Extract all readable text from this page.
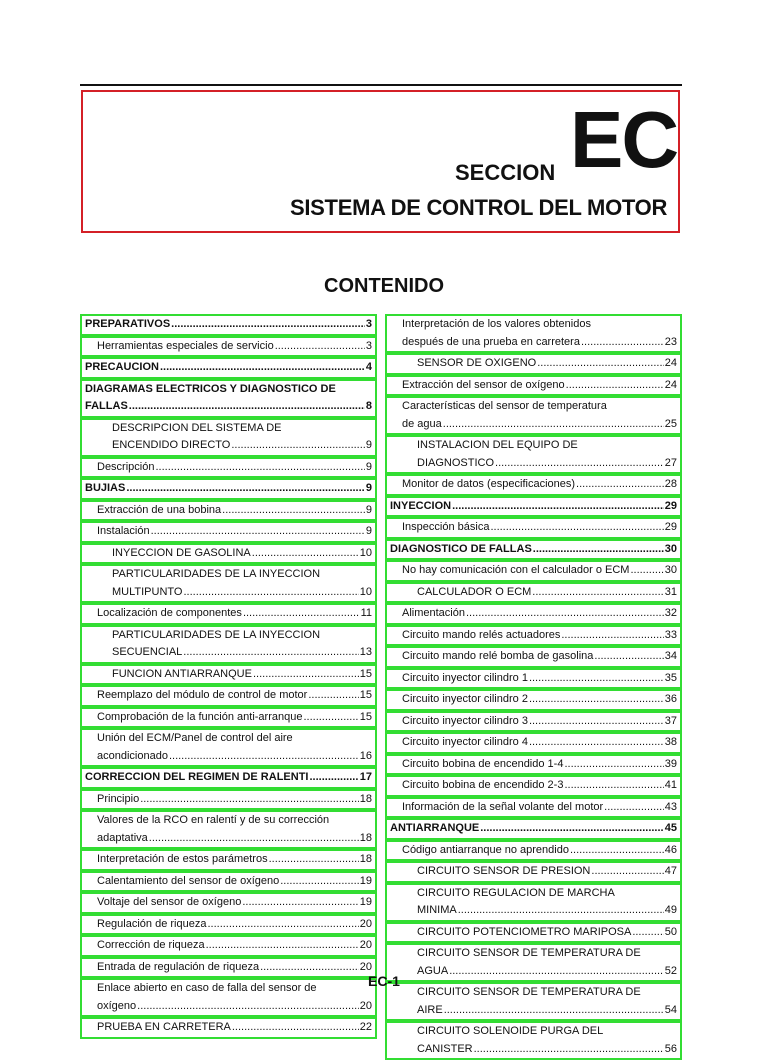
SECCION EC
SISTEMA DE CONTROL DEL MOTOR
CONTENIDO
PREPARATIVOS .....	3
Herramientas especiales de servicio .....	3
PRECAUCION .....	4
DIAGRAMAS ELECTRICOS Y DIAGNOSTICO DE
FALLAS .....	8
DESCRIPCION DEL SISTEMA DE
ENCENDIDO DIRECTO .....	9
Descripción .....	9
BUJIAS .....	9
Extracción de una bobina .....	9
Instalación .....	9
INYECCION DE GASOLINA .....	10
PARTICULARIDADES DE LA INYECCION
MULTIPUNTO .....	10
Localización de componentes .....	11
PARTICULARIDADES DE LA INYECCION
SECUENCIAL .....	13
FUNCION ANTIARRANQUE .....	15
Reemplazo del módulo de control de motor .....	15
Comprobación de la función anti-arranque .....	15
Unión del ECM/Panel de control del aire
acondicionado .....	16
CORRECCION DEL REGIMEN DE RALENTI .....	17
Principio .....	18
Valores de la RCO en ralentí y de su corrección
adaptativa .....	18
Interpretación de estos parámetros .....	18
Calentamiento del sensor de oxígeno .....	19
Voltaje del sensor de oxígeno .....	19
Regulación de riqueza .....	20
Corrección de riqueza .....	20
Entrada de regulación de riqueza .....	20
Enlace abierto en caso de falla del sensor de
oxígeno .....	20
PRUEBA EN CARRETERA .....	22
Interpretación de los valores obtenidos
después de una prueba en carretera .....	23
SENSOR DE OXIGENO .....	24
Extracción del sensor de oxígeno .....	24
Características del sensor de temperatura
de agua .....	25
INSTALACION DEL EQUIPO DE
DIAGNOSTICO .....	27
Monitor de datos (especificaciones) .....	28
INYECCION .....	29
Inspección básica .....	29
DIAGNOSTICO DE FALLAS .....	30
No hay comunicación con el calculador o ECM .....	30
CALCULADOR O ECM .....	31
Alimentación .....	32
Circuito mando relés actuadores .....	33
Circuito mando relé bomba de gasolina .....	34
Circuito inyector cilindro 1 .....	35
Circuito inyector cilindro 2 .....	36
Circuito inyector cilindro 3 .....	37
Circuito inyector cilindro 4 .....	38
Circuito bobina de encendido 1-4 .....	39
Circuito bobina de encendido 2-3 .....	41
Información de la señal volante del motor .....	43
ANTIARRANQUE .....	45
Código antiarranque no aprendido .....	46
CIRCUITO SENSOR DE PRESION .....	47
CIRCUITO REGULACION DE MARCHA
MINIMA .....	49
CIRCUITO POTENCIOMETRO MARIPOSA .....	50
CIRCUITO SENSOR DE TEMPERATURA DE
AGUA .....	52
CIRCUITO SENSOR DE TEMPERATURA DE
AIRE .....	54
CIRCUITO SOLENOIDE PURGA DEL
CANISTER .....	56
EC-1
